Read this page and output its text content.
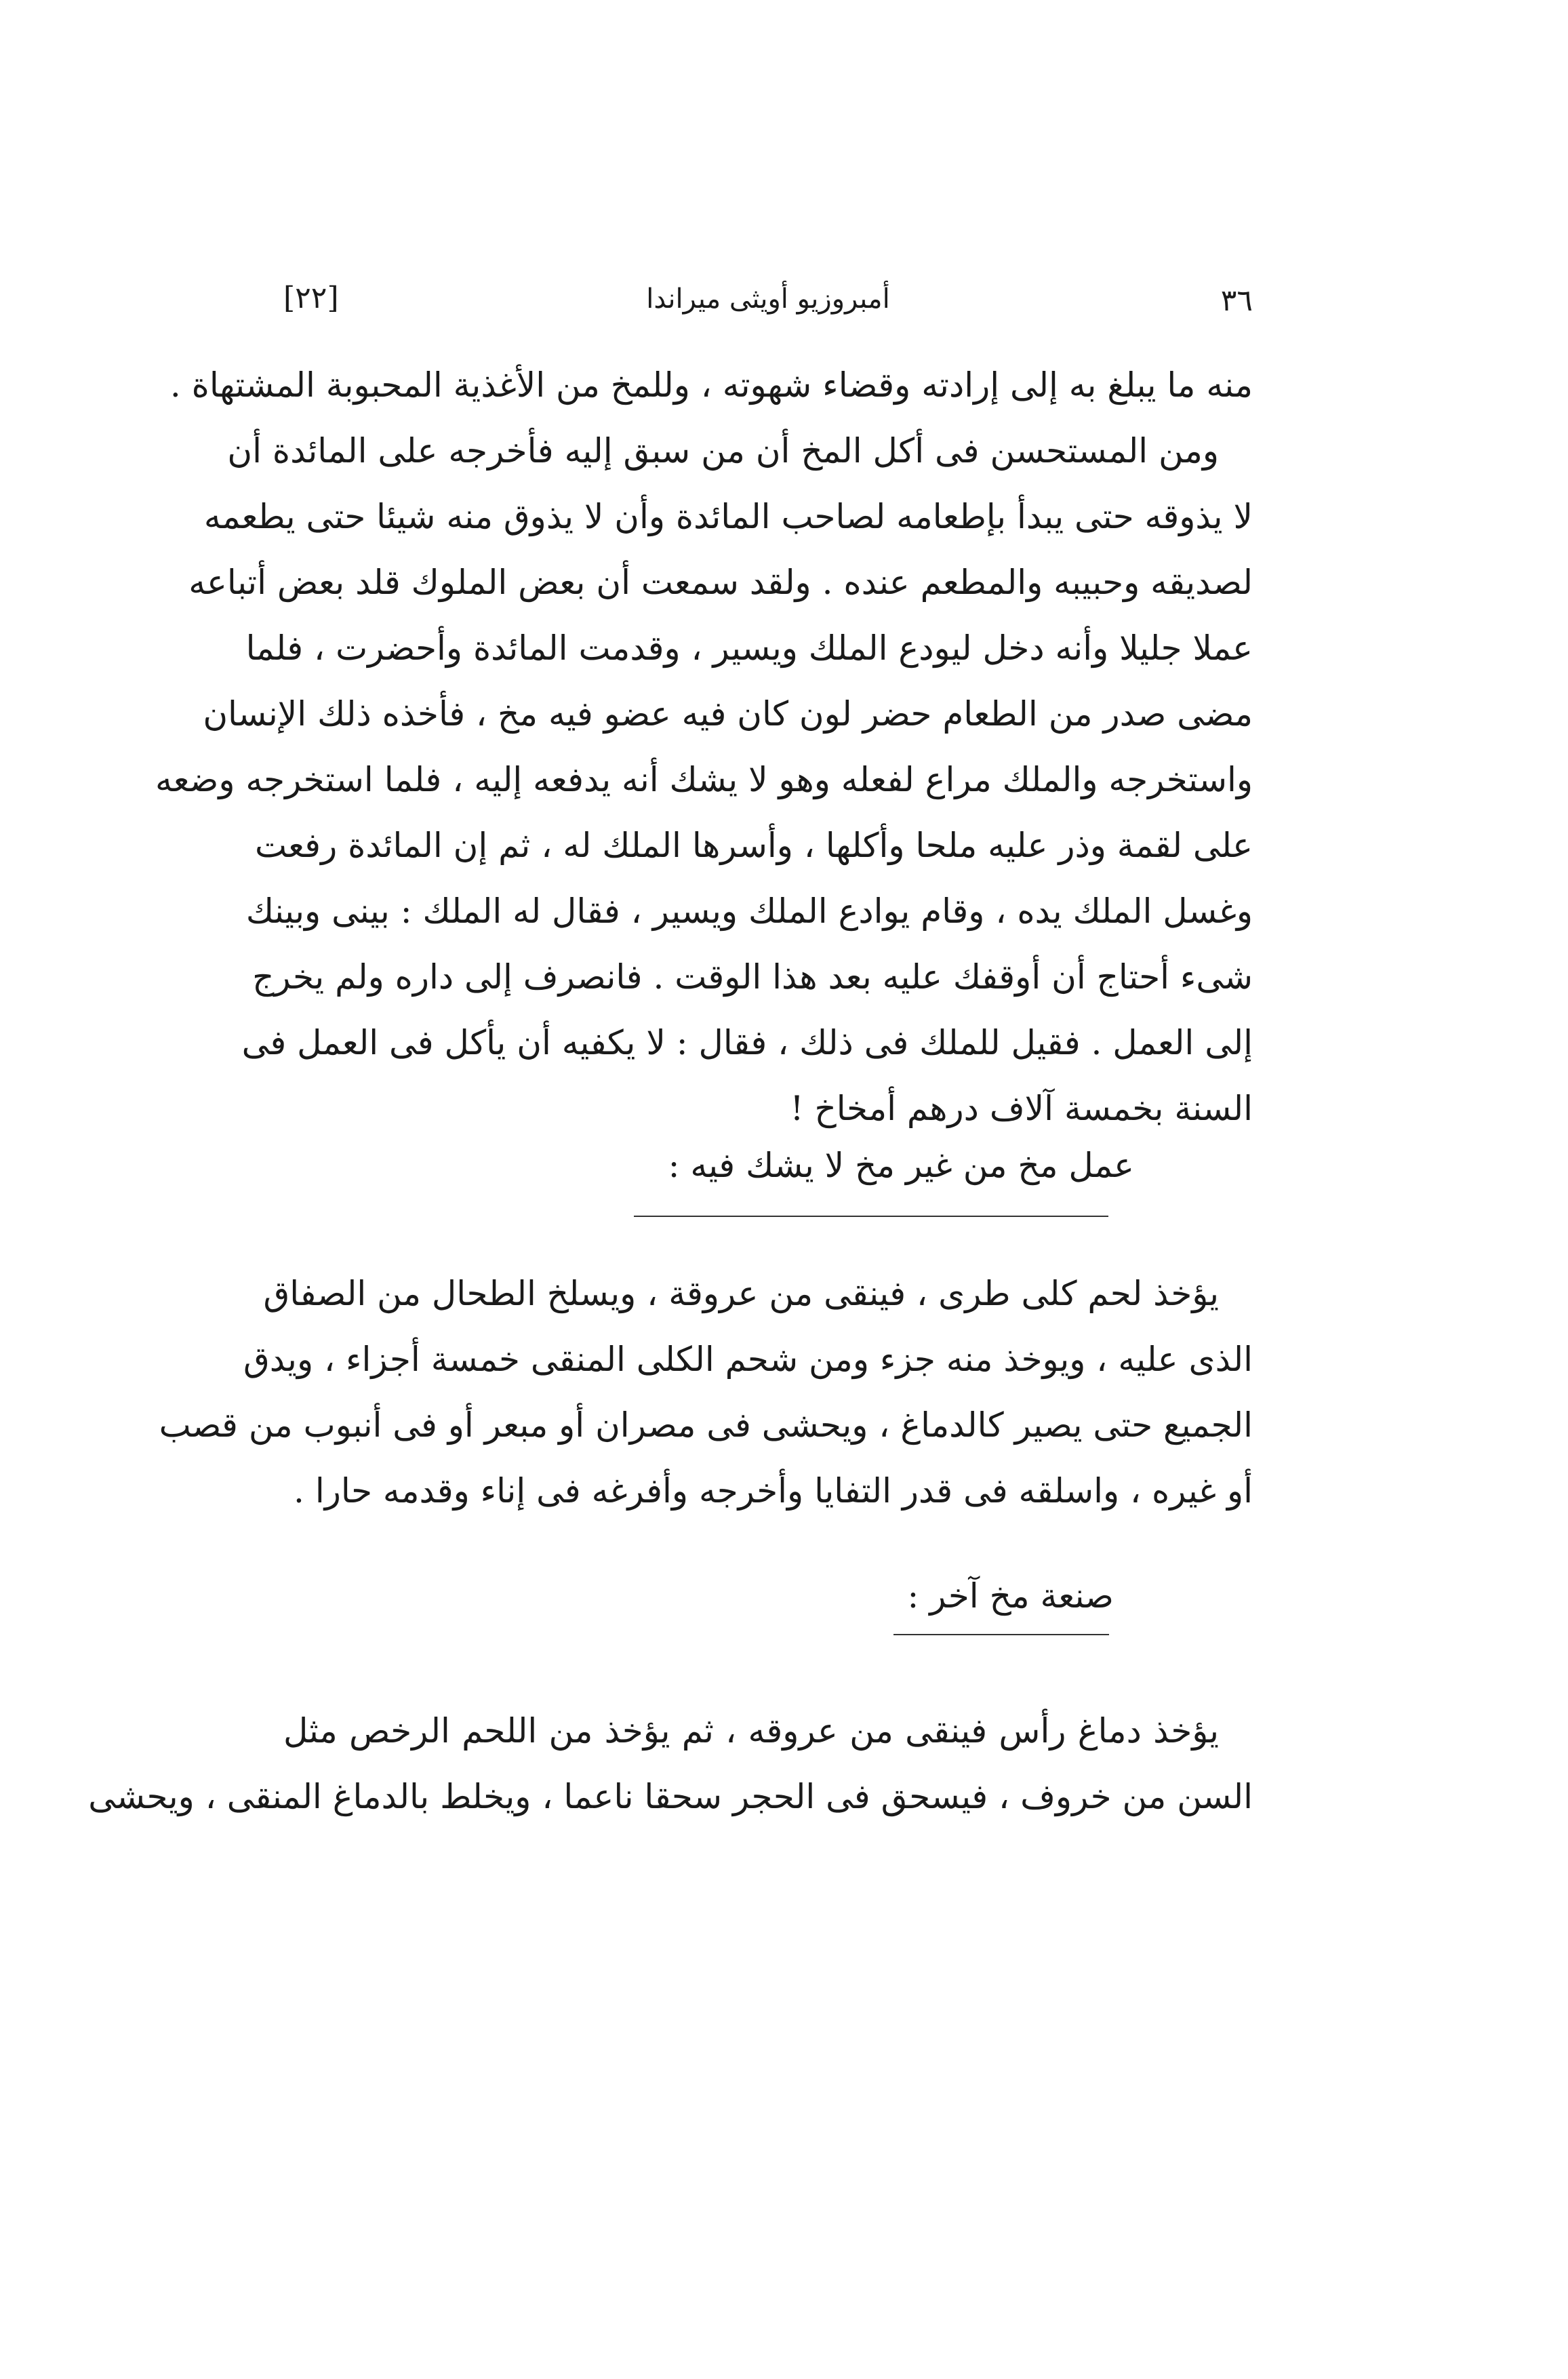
٣٦
أمبروزيو أويثى ميراندا
[٢٢]
منه ما يبلغ به إلى إرادته وقضاء شهوته ، وللمخ من الأغذية المحبوبة المشتهاة .
ومن المستحسن فى أكل المخ أن من سبق إليه فأخرجه على المائدة أن
لا يذوقه حتى يبدأ بإطعامه لصاحب المائدة وأن لا يذوق منه شيئا حتى يطعمه
لصديقه وحبيبه والمطعم عنده . ولقد سمعت أن بعض الملوك قلد بعض أتباعه
عملا جليلا وأنه دخل ليودع الملك ويسير ، وقدمت المائدة وأحضرت ، فلما
مضى صدر من الطعام حضر لون كان فيه عضو فيه مخ ، فأخذه ذلك الإنسان
واستخرجه والملك مراع لفعله وهو لا يشك أنه يدفعه إليه ، فلما استخرجه وضعه
على لقمة وذر عليه ملحا وأكلها ، وأسرها الملك له ، ثم إن المائدة رفعت
وغسل الملك يده ، وقام يوادع الملك ويسير ، فقال له الملك : بينى وبينك
شىء أحتاج أن أوقفك عليه بعد هذا الوقت . فانصرف إلى داره ولم يخرج
إلى العمل . فقيل للملك فى ذلك ، فقال : لا يكفيه أن يأكل فى العمل فى
السنة بخمسة آلاف درهم أمخاخ !
عمل مخ من غير مخ لا يشك فيه :
يؤخذ لحم كلى طرى ، فينقى من عروقة ، ويسلخ الطحال من الصفاق
الذى عليه ، ويوخذ منه جزء ومن شحم الكلى المنقى خمسة أجزاء ، ويدق
الجميع حتى يصير كالدماغ ، ويحشى فى مصران أو مبعر أو فى أنبوب من قصب
أو غيره ، واسلقه فى قدر التفايا وأخرجه وأفرغه فى إناء وقدمه حارا .
صنعة مخ آخر :
يؤخذ دماغ رأس فينقى من عروقه ، ثم يؤخذ من اللحم الرخص مثل
السن من خروف ، فيسحق فى الحجر سحقا ناعما ، ويخلط بالدماغ المنقى ، ويحشى
